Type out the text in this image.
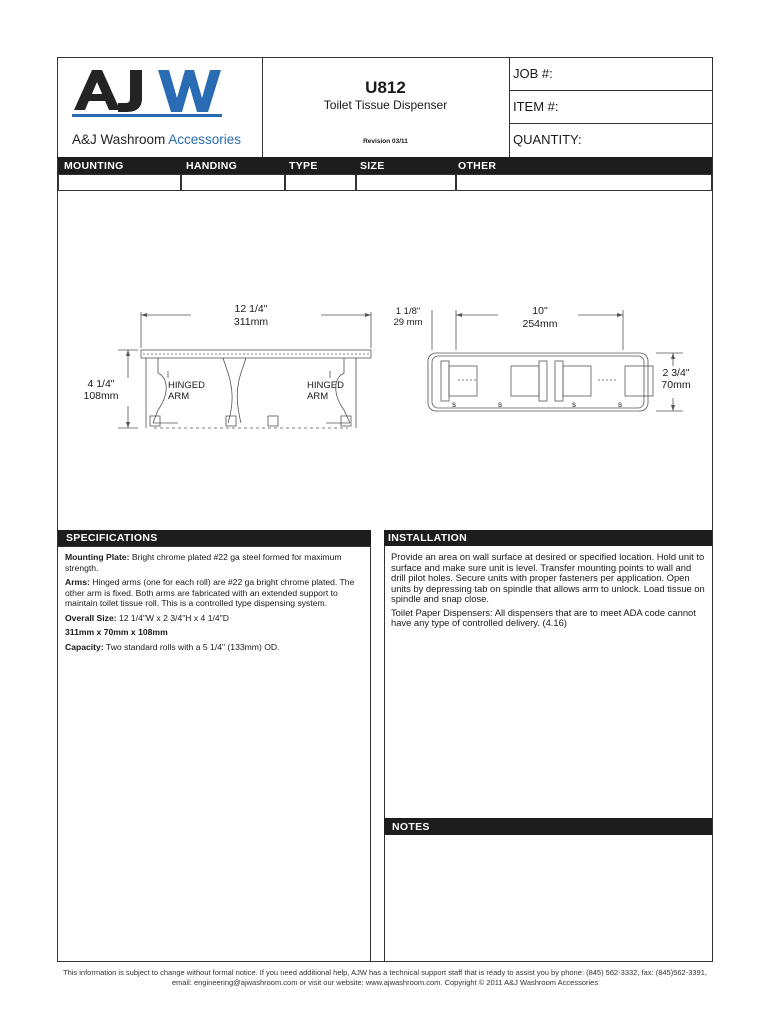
A&J Washroom Accessories
U812
Toilet Tissue Dispenser
Revision 03/11
JOB #:
ITEM #:
QUANTITY:
MOUNTING	HANDING	TYPE	SIZE	OTHER
12 1/4"
311mm
4 1/4"
108mm
HINGED
ARM
HINGED
ARM
1 1/8"
29 mm
10"
254mm
2 3/4"
70mm
s	s	s	s
SPECIFICATIONS

Mounting Plate: Bright chrome plated #22 ga steel formed for maximum strength.

Arms: Hinged arms (one for each roll) are #22 ga bright chrome plated. The other arm is fixed. Both arms are fabricated with an extended support to maintain toilet tissue roll. This is a controlled type dispensing system.

Overall Size: 12 1/4"W x 2 3/4"H x 4 1/4"D

311mm x 70mm x 108mm

Capacity: Two standard rolls with a 5 1/4" (133mm) OD.

INSTALLATION

Provide an area on wall surface at desired or specified location. Hold unit to surface and make sure unit is level. Transfer mounting points to wall and drill pilot holes. Secure units with proper fasteners per application. Open units by depressing tab on spindle that allows arm to unlock. Load tissue on spindle and snap close.

Toilet Paper Dispensers: All dispensers that are to meet ADA code cannot have any type of controlled delivery. (4.16)

NOTES
This information is subject to change without formal notice. If you need additional help, AJW has a technical support staff that is ready to assist you by phone: (845) 562-3332, fax: (845)562-3391,
email: engineering@ajwashroom.com or visit our website: www.ajwashroom.com. Copyright © 2011 A&J Washroom Accessories
